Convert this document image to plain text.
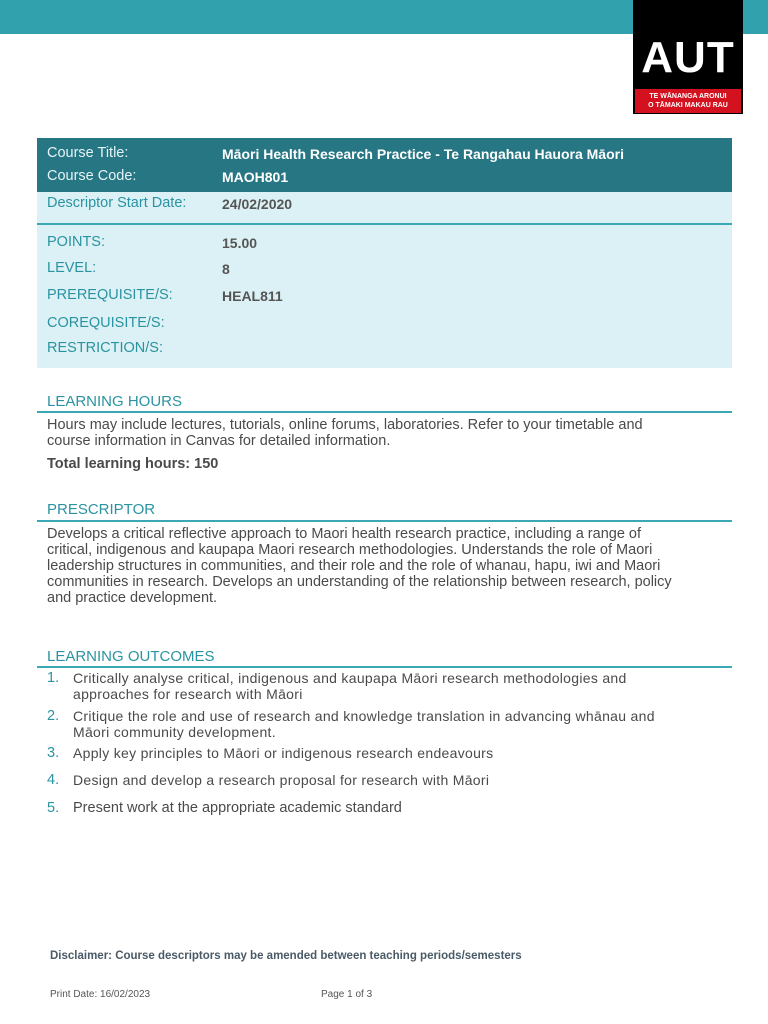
AUT
TE WĀNANGA ARONUI
O TĀMAKI MAKAU RAU
Course Title:	Māori Health Research Practice - Te Rangahau Hauora Māori
Course Code:	MAOH801
Descriptor Start Date:	24/02/2020
POINTS:	15.00
LEVEL:	8
PREREQUISITE/S:	HEAL811
COREQUISITE/S:
RESTRICTION/S:
LEARNING HOURS
Hours may include lectures, tutorials, online forums, laboratories. Refer to your timetable and
course information in Canvas for detailed information.
Total learning hours: 150
PRESCRIPTOR
Develops a critical reflective approach to Maori health research practice, including a range of
critical, indigenous and kaupapa Maori research methodologies. Understands the role of Maori
leadership structures in communities, and their role and the role of whanau, hapu, iwi and Maori
communities in research. Develops an understanding of the relationship between research, policy
and practice development.
LEARNING OUTCOMES
1. Critically analyse critical, indigenous and kaupapa Māori research methodologies and
approaches for research with Māori
2. Critique the role and use of research and knowledge translation in advancing whānau and
Māori community development.
3. Apply key principles to Māori or indigenous research endeavours
4. Design and develop a research proposal for research with Māori
5. Present work at the appropriate academic standard
Disclaimer: Course descriptors may be amended between teaching periods/semesters
Print Date: 16/02/2023	Page 1 of 3
